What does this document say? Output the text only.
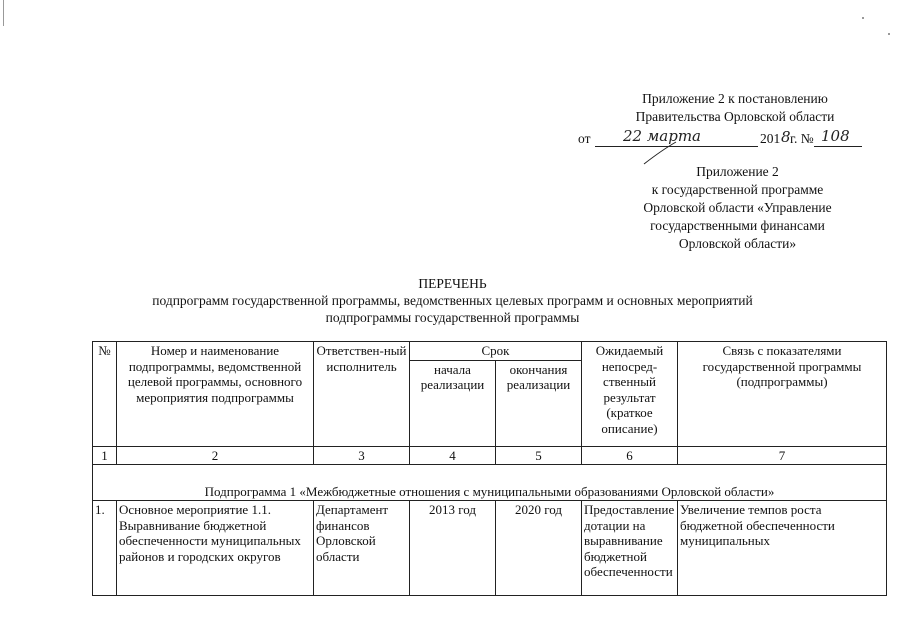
Приложение 2 к постановлению
Правительства Орловской области
от 22 марта	201 8 г. № 108
Приложение 2
к государственной программе
Орловской области «Управление
государственными финансами
Орловской области»
ПЕРЕЧЕНЬ
подпрограмм государственной программы, ведомственных целевых программ и основных мероприятий
подпрограммы государственной программы
№	Номер и наименование подпрограммы, ведомственной целевой программы, основного мероприятия подпрограммы	Ответствен-ный исполнитель	Срок		Ожидаемый непосред-ственный результат (краткое описание)	Связь с показателями государственной программы (подпрограммы)
			начала реализации	окончания реализации		
1	2	3	4	5	6	7
Подпрограмма 1 «Межбюджетные отношения с муниципальными образованиями Орловской области»						
1.	Основное мероприятие 1.1. Выравнивание бюджетной обеспеченности муниципальных районов и городских округов	Департамент финансов Орловской области	2013 год	2020 год	Предоставление дотации на выравнивание бюджетной обеспеченности	Увеличение темпов роста бюджетной обеспеченности муниципальных
